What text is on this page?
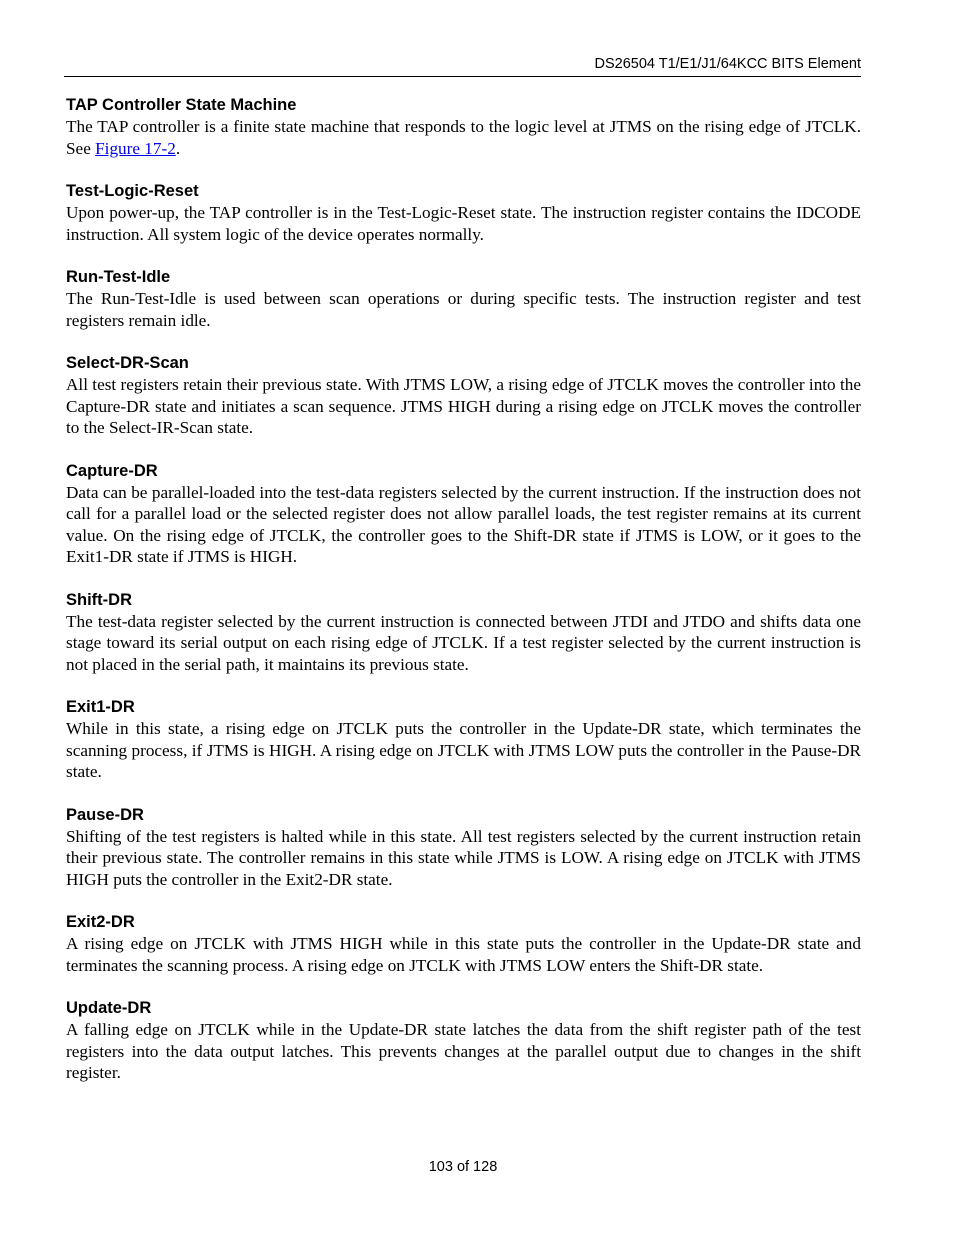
DS26504 T1/E1/J1/64KCC BITS Element
TAP Controller State Machine

The TAP controller is a finite state machine that responds to the logic level at JTMS on the rising edge of JTCLK. See Figure 17-2.

Test-Logic-Reset

Upon power-up, the TAP controller is in the Test-Logic-Reset state. The instruction register contains the IDCODE instruction. All system logic of the device operates normally.

Run-Test-Idle

The Run-Test-Idle is used between scan operations or during specific tests. The instruction register and test registers remain idle.

Select-DR-Scan

All test registers retain their previous state. With JTMS LOW, a rising edge of JTCLK moves the controller into the Capture-DR state and initiates a scan sequence. JTMS HIGH during a rising edge on JTCLK moves the controller to the Select-IR-Scan state.

Capture-DR

Data can be parallel-loaded into the test-data registers selected by the current instruction. If the instruction does not call for a parallel load or the selected register does not allow parallel loads, the test register remains at its current value. On the rising edge of JTCLK, the controller goes to the Shift-DR state if JTMS is LOW, or it goes to the Exit1-DR state if JTMS is HIGH.

Shift-DR

The test-data register selected by the current instruction is connected between JTDI and JTDO and shifts data one stage toward its serial output on each rising edge of JTCLK. If a test register selected by the current instruction is not placed in the serial path, it maintains its previous state.

Exit1-DR

While in this state, a rising edge on JTCLK puts the controller in the Update-DR state, which terminates the scanning process, if JTMS is HIGH. A rising edge on JTCLK with JTMS LOW puts the controller in the Pause-DR state.

Pause-DR

Shifting of the test registers is halted while in this state. All test registers selected by the current instruction retain their previous state. The controller remains in this state while JTMS is LOW. A rising edge on JTCLK with JTMS HIGH puts the controller in the Exit2-DR state.

Exit2-DR

A rising edge on JTCLK with JTMS HIGH while in this state puts the controller in the Update-DR state and terminates the scanning process. A rising edge on JTCLK with JTMS LOW enters the Shift-DR state.

Update-DR

A falling edge on JTCLK while in the Update-DR state latches the data from the shift register path of the test registers into the data output latches. This prevents changes at the parallel output due to changes in the shift register.

103 of 128
